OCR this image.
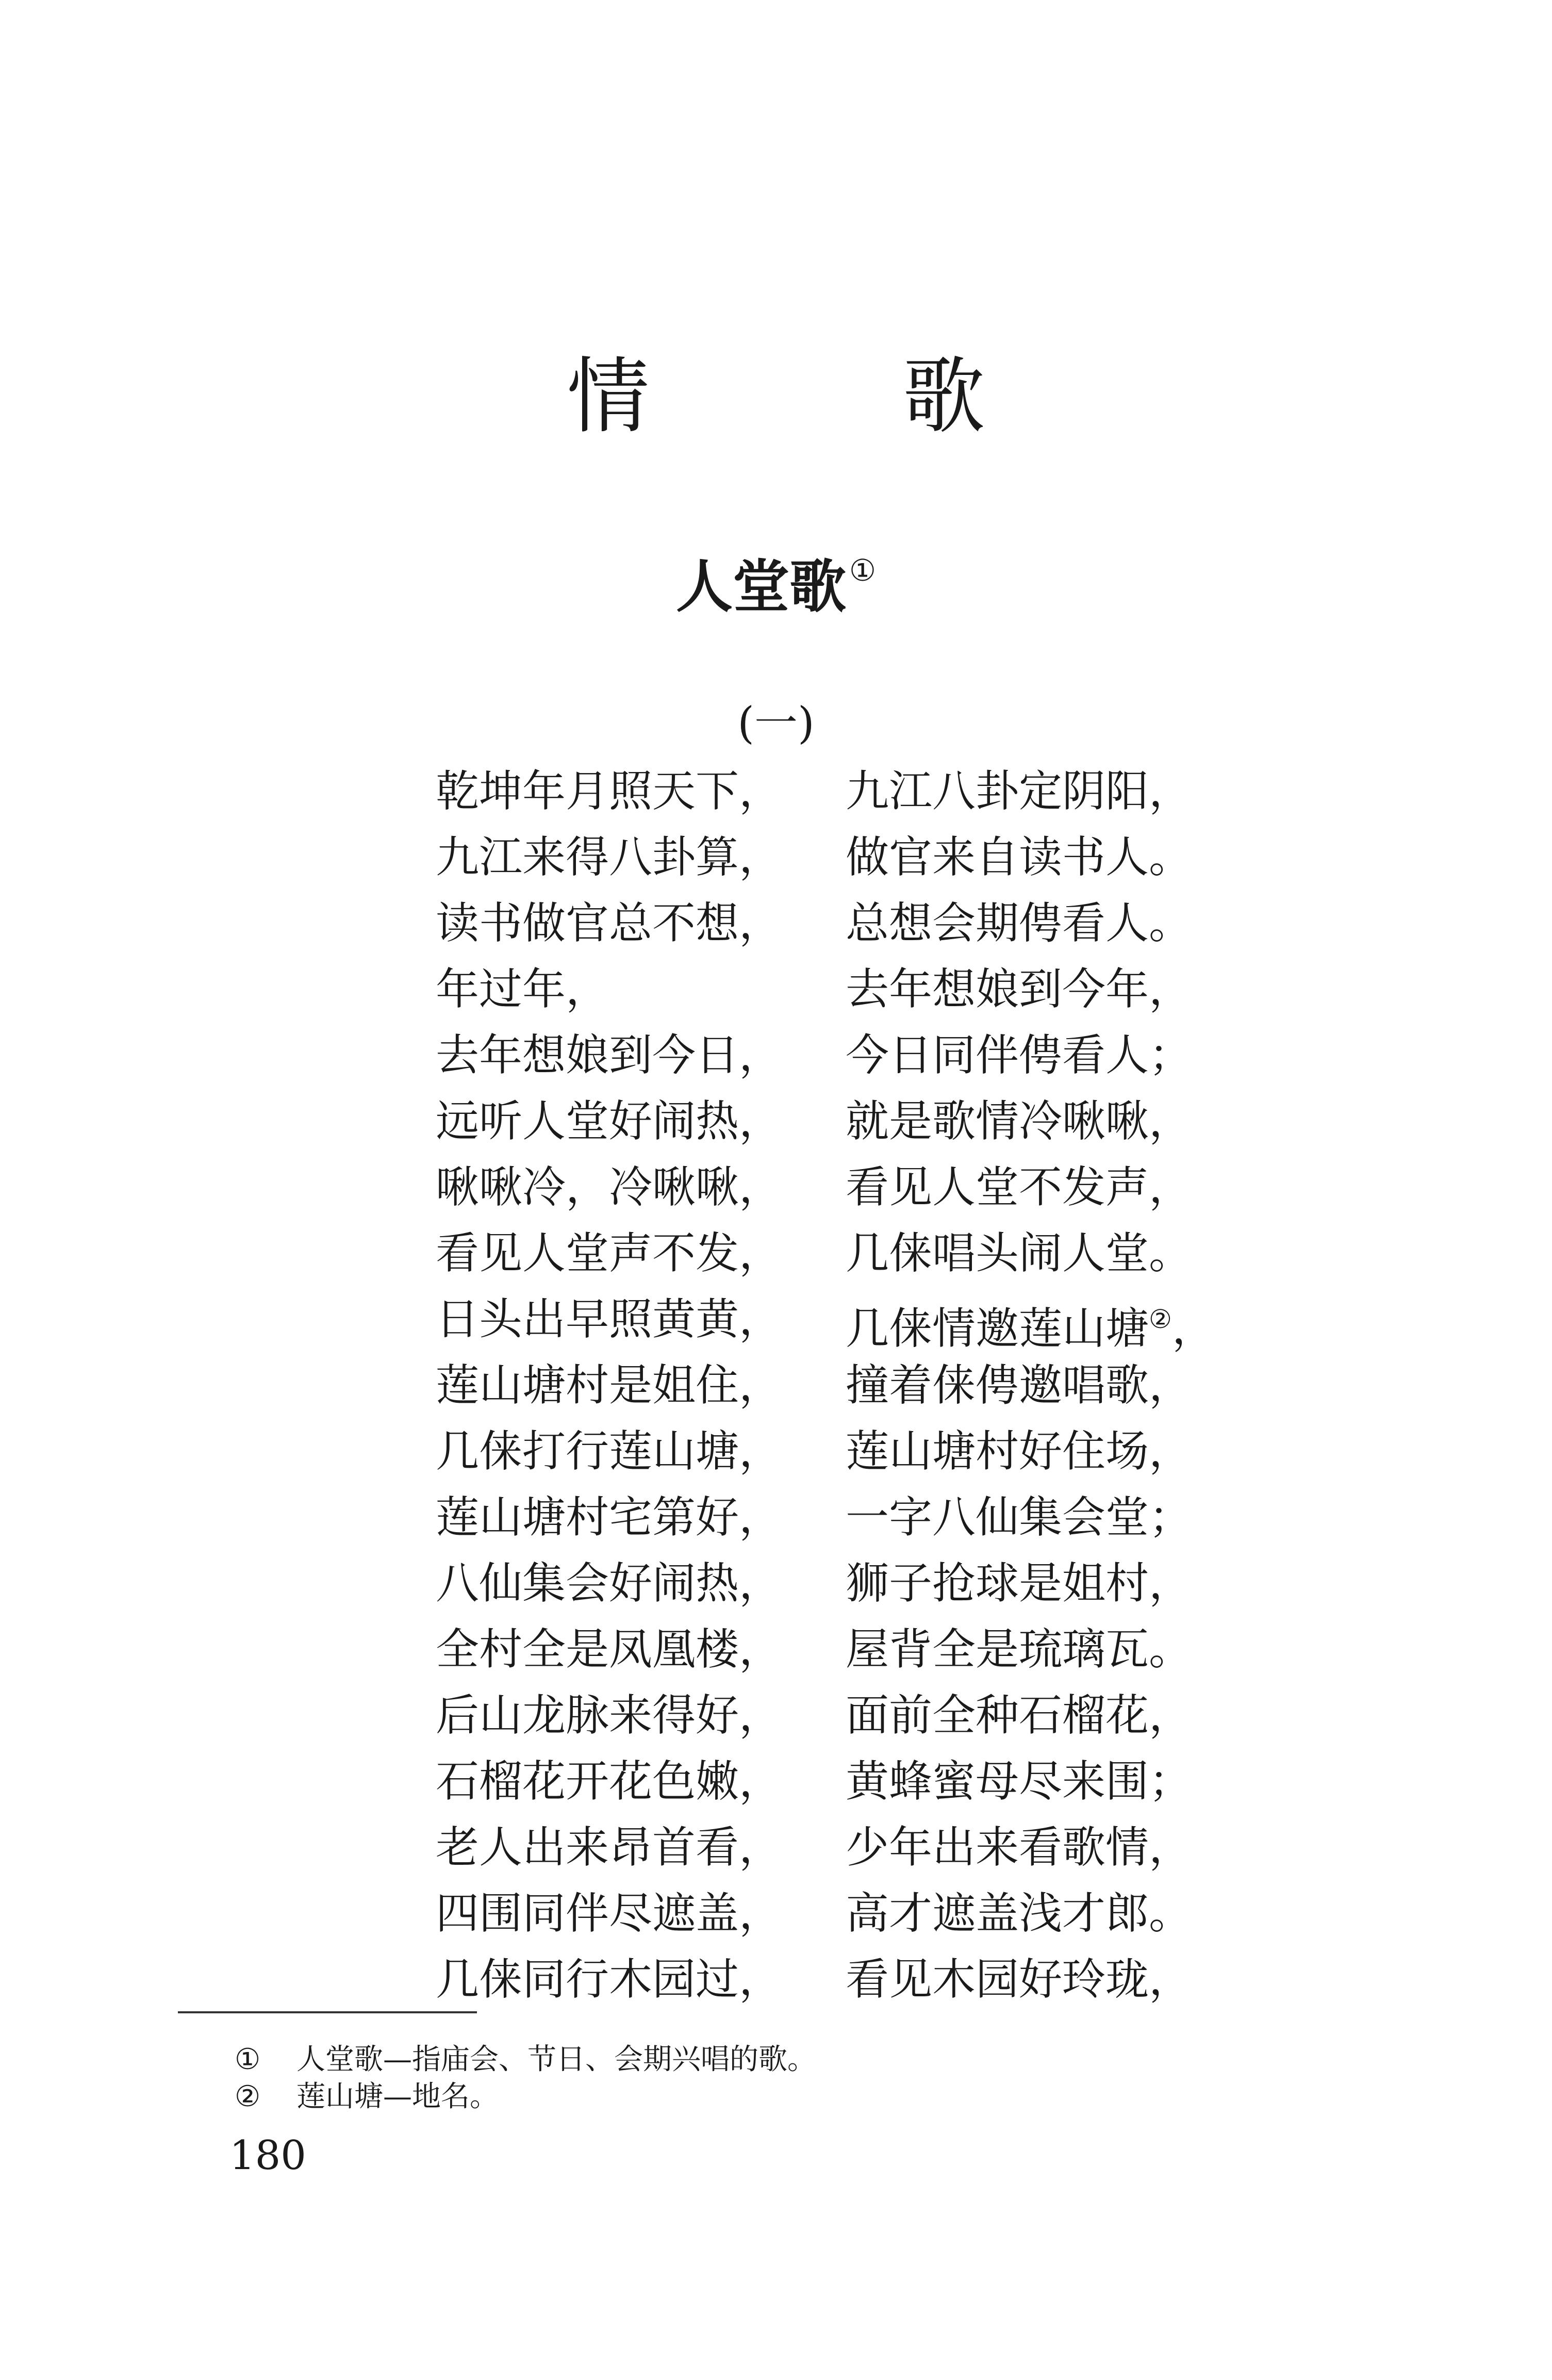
情 歌
人堂歌 ①
(一)
乾坤年月照天下， 九江八卦定阴阳，
九江来得八卦算， 做官来自读书人。
读书做官总不想， 总想会期俜看人。
年过年，	去年想娘到今年，
去年想娘到今日， 今日同伴俜看人；
远听人堂好闹热， 就是歌情冷啾啾，
啾啾冷，冷啾啾， 看见人堂不发声，
看见人堂声不发， 几俫唱头闹人堂。
日头出早照黄黄， 几俫情邀莲山塘②，
莲山塘村是姐住， 撞着俫俜邀唱歌，
几俫打行莲山塘， 莲山塘村好住场，
莲山塘村宅第好， 一字八仙集会堂；
八仙集会好闹热， 狮子抢球是姐村，
全村全是凤凰楼， 屋背全是琉璃瓦。
后山龙脉来得好， 面前全种石榴花，
石榴花开花色嫩， 黄蜂蜜母尽来围；
老人出来昂首看， 少年出来看歌情，
四围同伴尽遮盖， 高才遮盖浅才郎。
几俫同行木园过， 看见木园好玲珑，
① 人堂歌—指庙会、节日、会期兴唱的歌。
② 莲山塘—地名。
180
